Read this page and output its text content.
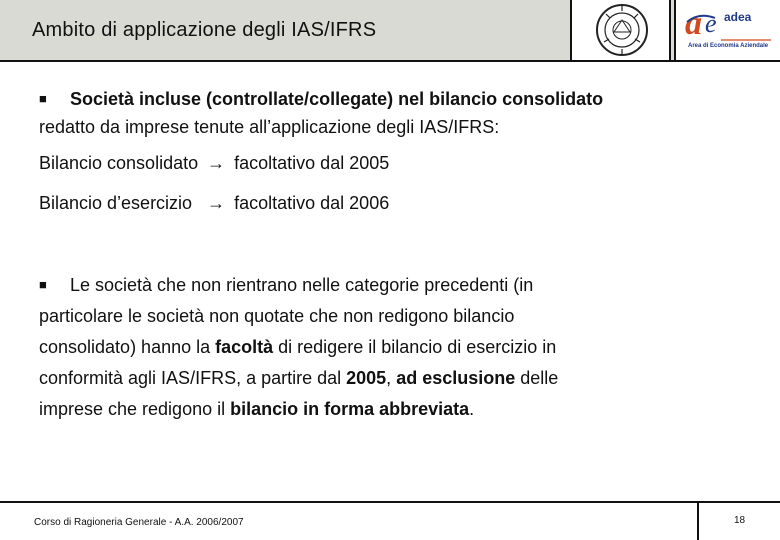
Ambito di applicazione degli IAS/IFRS	a e adea
Area di Economia Aziendale
■ Società incluse (controllate/collegate) nel bilancio consolidato
redatto da imprese tenute all’applicazione degli IAS/IFRS:
Bilancio consolidato → facoltativo dal 2005
Bilancio d’esercizio → facoltativo dal 2006
■ Le società che non rientrano nelle categorie precedenti (in
particolare le società non quotate che non redigono bilancio
consolidato) hanno la facoltà di redigere il bilancio di esercizio in
conformità agli IAS/IFRS, a partire dal 2005, ad esclusione delle
imprese che redigono il bilancio in forma abbreviata.
Corso di Ragioneria Generale - A.A. 2006/2007	18
